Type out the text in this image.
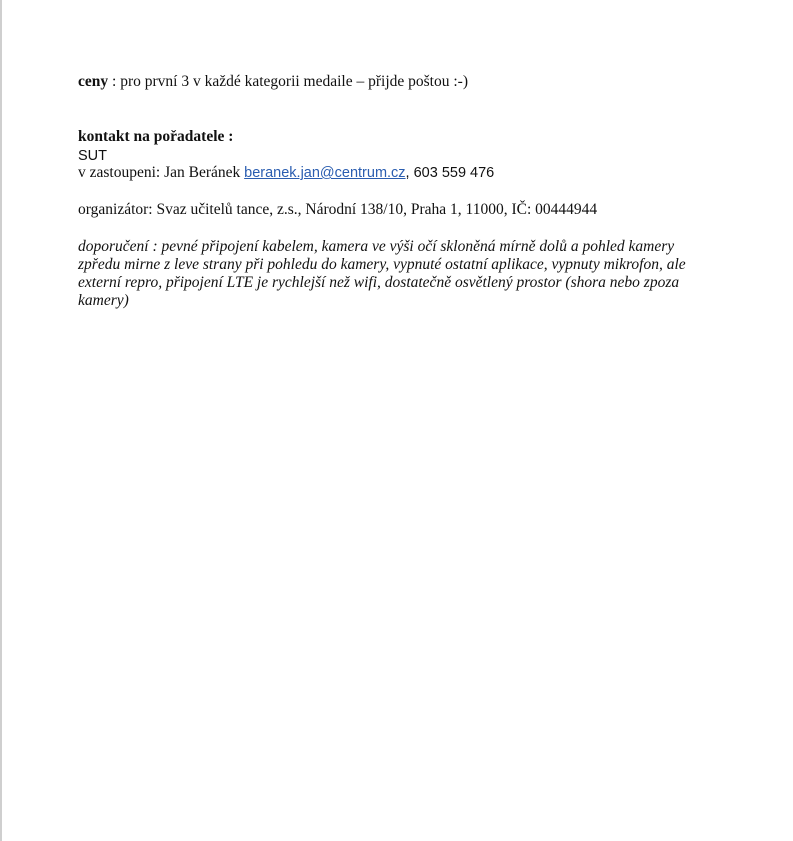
ceny : pro první 3 v každé kategorii medaile – přijde poštou :-)
kontakt na pořadatele :
SUT
v zastoupeni: Jan Beránek beranek.jan@centrum.cz, 603 559 476
organizátor: Svaz učitelů tance, z.s., Národní 138/10, Praha 1, 11000, IČ: 00444944
doporučení : pevné připojení kabelem, kamera ve výši očí skloněná mírně dolů a pohled kamery
zpředu mirne z leve strany při pohledu do kamery, vypnuté ostatní aplikace, vypnuty mikrofon, ale
externí repro, připojení LTE je rychlejší než wifi, dostatečně osvětlený prostor (shora nebo zpoza
kamery)
